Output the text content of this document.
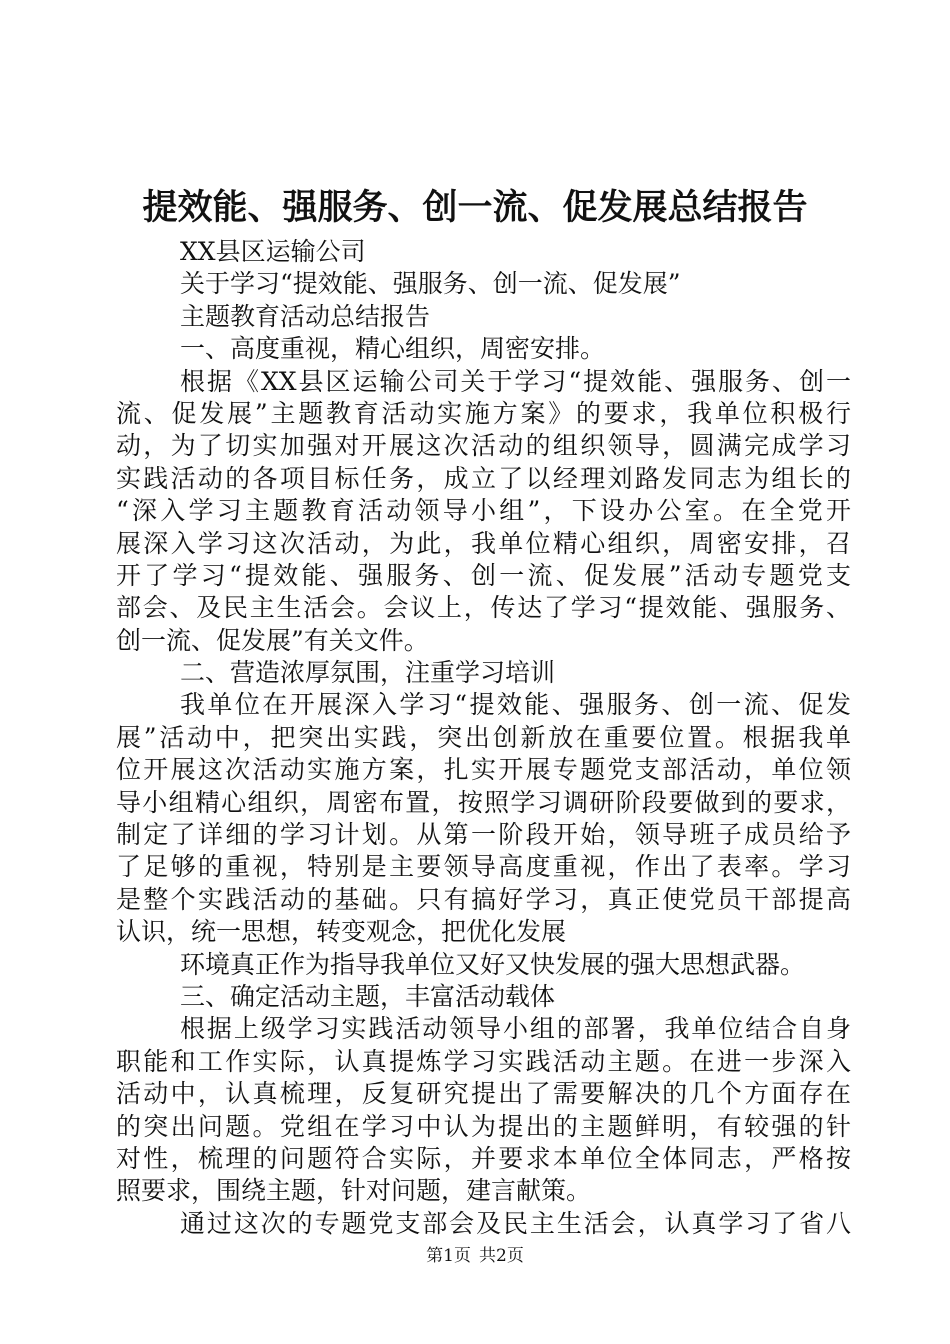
提效能、强服务、创一流、促发展总结报告
XX县区运输公司
关于学习“提效能、强服务、创一流、促发展”
主题教育活动总结报告
一、高度重视，精心组织，周密安排。
根据《XX县区运输公司关于学习“提效能、强服务、创一
流、促发展”主题教育活动实施方案》的要求，我单位积极行
动，为了切实加强对开展这次活动的组织领导，圆满完成学习
实践活动的各项目标任务，成立了以经理刘路发同志为组长的
“深入学习主题教育活动领导小组”，下设办公室。在全党开
展深入学习这次活动，为此，我单位精心组织，周密安排，召
开了学习“提效能、强服务、创一流、促发展”活动专题党支
部会、及民主生活会。会议上，传达了学习“提效能、强服务、
创一流、促发展”有关文件。
二、营造浓厚氛围，注重学习培训
我单位在开展深入学习“提效能、强服务、创一流、促发
展”活动中，把突出实践，突出创新放在重要位置。根据我单
位开展这次活动实施方案，扎实开展专题党支部活动，单位领
导小组精心组织，周密布置，按照学习调研阶段要做到的要求，
制定了详细的学习计划。从第一阶段开始，领导班子成员给予
了足够的重视，特别是主要领导高度重视，作出了表率。学习
是整个实践活动的基础。只有搞好学习，真正使党员干部提高
认识，统一思想，转变观念，把优化发展
环境真正作为指导我单位又好又快发展的强大思想武器。
三、确定活动主题，丰富活动载体
根据上级学习实践活动领导小组的部署，我单位结合自身
职能和工作实际，认真提炼学习实践活动主题。在进一步深入
活动中，认真梳理，反复研究提出了需要解决的几个方面存在
的突出问题。党组在学习中认为提出的主题鲜明，有较强的针
对性，梳理的问题符合实际，并要求本单位全体同志，严格按
照要求，围绕主题，针对问题，建言献策。
通过这次的专题党支部会及民主生活会，认真学习了省八
第1页 共2页
